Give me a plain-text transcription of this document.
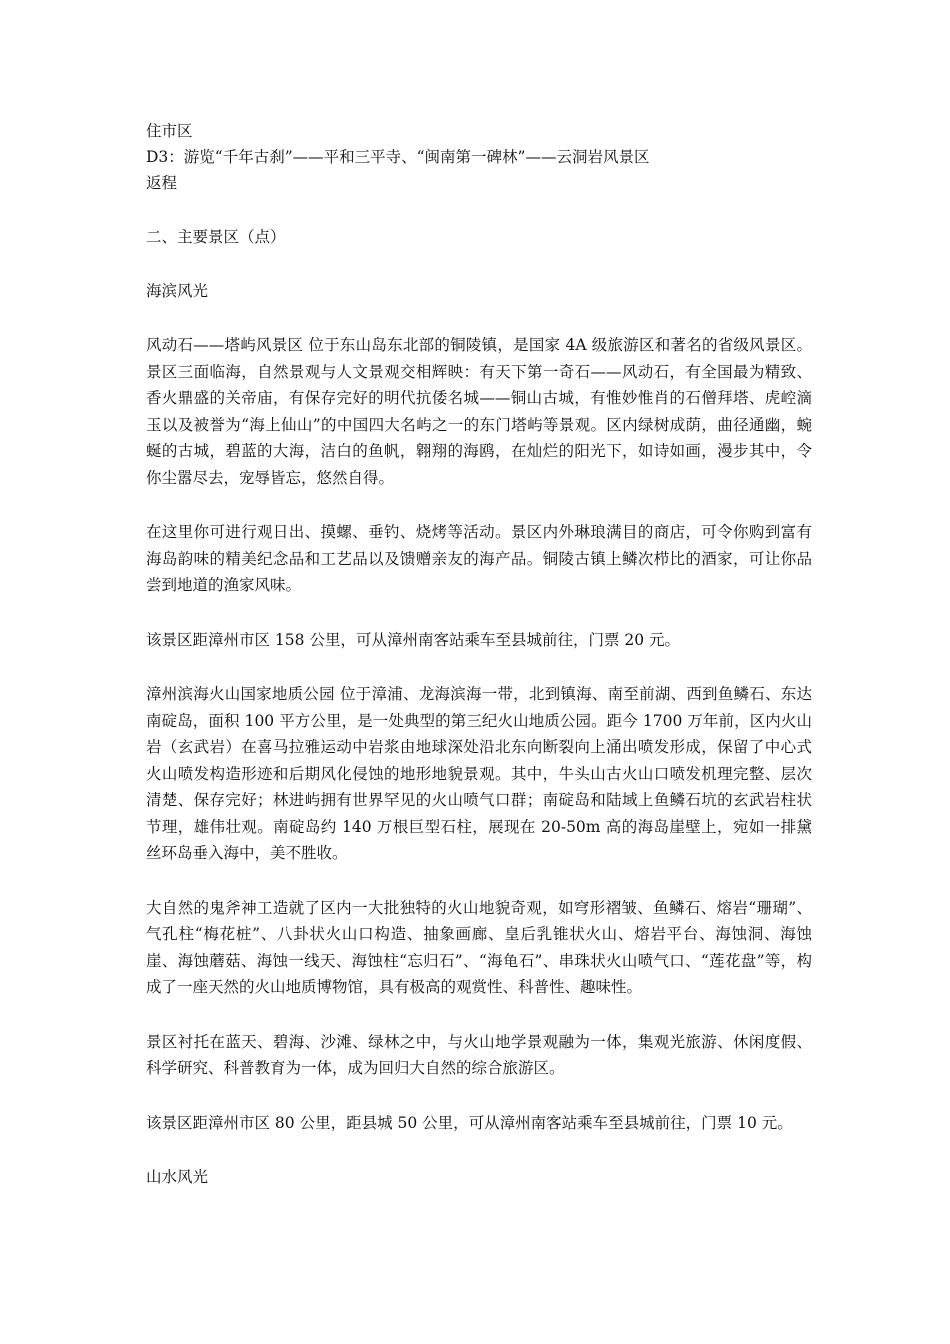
住市区

D3：游览“千年古刹”——平和三平寺、“闽南第一碑林”——云洞岩风景区

返程

二、主要景区（点）

海滨风光

风动石——塔屿风景区 位于东山岛东北部的铜陵镇，是国家 4A 级旅游区和著名的省级风景区。景区三面临海，自然景观与人文景观交相辉映：有天下第一奇石——风动石，有全国最为精致、香火鼎盛的关帝庙，有保存完好的明代抗倭名城——铜山古城，有惟妙惟肖的石僧拜塔、虎崆滴玉以及被誉为“海上仙山”的中国四大名屿之一的东门塔屿等景观。区内绿树成荫，曲径通幽，蜿蜒的古城，碧蓝的大海，洁白的鱼帆，翱翔的海鸥，在灿烂的阳光下，如诗如画，漫步其中，令你尘嚣尽去，宠辱皆忘，悠然自得。

在这里你可进行观日出、摸螺、垂钓、烧烤等活动。景区内外琳琅满目的商店，可令你购到富有海岛韵味的精美纪念品和工艺品以及馈赠亲友的海产品。铜陵古镇上鳞次栉比的酒家，可让你品尝到地道的渔家风味。

该景区距漳州市区 158 公里，可从漳州南客站乘车至县城前往，门票 20 元。

漳州滨海火山国家地质公园 位于漳浦、龙海滨海一带，北到镇海、南至前湖、西到鱼鳞石、东达南碇岛，面积 100 平方公里，是一处典型的第三纪火山地质公园。距今 1700 万年前，区内火山岩（玄武岩）在喜马拉雅运动中岩浆由地球深处沿北东向断裂向上涌出喷发形成，保留了中心式火山喷发构造形迹和后期风化侵蚀的地形地貌景观。其中，牛头山古火山口喷发机理完整、层次清楚、保存完好；林进屿拥有世界罕见的火山喷气口群；南碇岛和陆域上鱼鳞石坑的玄武岩柱状节理，雄伟壮观。南碇岛约 140 万根巨型石柱，展现在 20-50m 高的海岛崖壁上，宛如一排黛丝环岛垂入海中，美不胜收。

大自然的鬼斧神工造就了区内一大批独特的火山地貌奇观，如穹形褶皱、鱼鳞石、熔岩“珊瑚”、气孔柱“梅花桩”、八卦状火山口构造、抽象画廊、皇后乳锥状火山、熔岩平台、海蚀洞、海蚀崖、海蚀蘑菇、海蚀一线天、海蚀柱“忘归石”、“海龟石”、串珠状火山喷气口、“莲花盘”等，构成了一座天然的火山地质博物馆，具有极高的观赏性、科普性、趣味性。

景区衬托在蓝天、碧海、沙滩、绿林之中，与火山地学景观融为一体，集观光旅游、休闲度假、科学研究、科普教育为一体，成为回归大自然的综合旅游区。

该景区距漳州市区 80 公里，距县城 50 公里，可从漳州南客站乘车至县城前往，门票 10 元。

山水风光
